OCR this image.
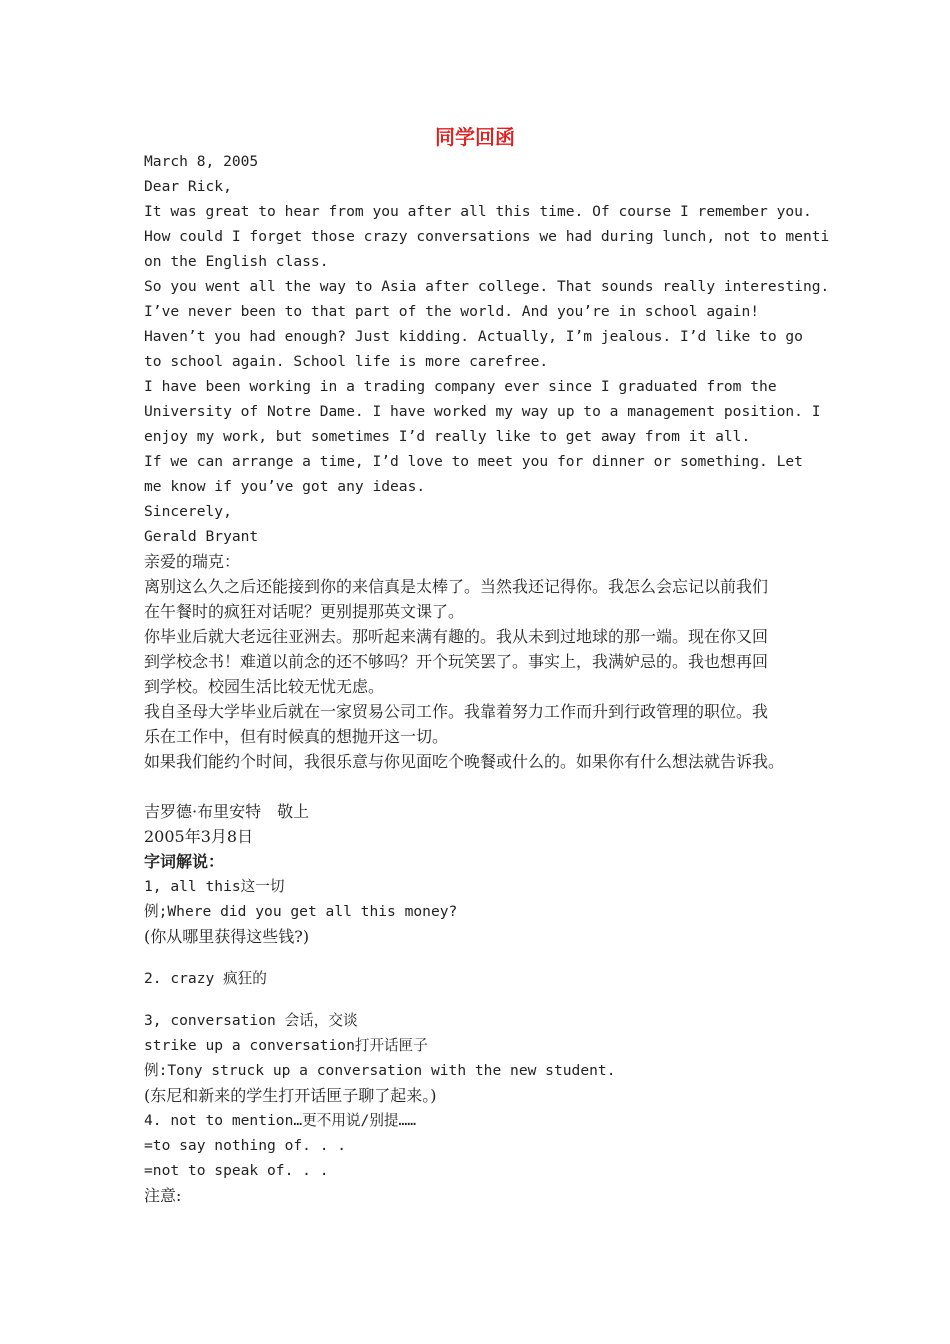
同学回函
March 8, 2005
Dear Rick,
It was great to hear from you after all this time. Of course I remember you.
How could I forget those crazy conversations we had during lunch, not to menti
on the English class.
So you went all the way to Asia after college. That sounds really interesting.
I’ve never been to that part of the world. And you’re in school again!
Haven’t you had enough? Just kidding. Actually, I’m jealous. I’d like to go
to school again. School life is more carefree.
I have been working in a trading company ever since I graduated from the
University of Notre Dame. I have worked my way up to a management position. I
enjoy my work, but sometimes I’d really like to get away from it all.
If we can arrange a time, I’d love to meet you for dinner or something. Let
me know if you’ve got any ideas.
Sincerely,
Gerald Bryant
亲爱的瑞克：
离别这么久之后还能接到你的来信真是太棒了。当然我还记得你。我怎么会忘记以前我们
在午餐时的疯狂对话呢？更别提那英文课了。
你毕业后就大老远往亚洲去。那听起来满有趣的。我从未到过地球的那一端。现在你又回
到学校念书！难道以前念的还不够吗？开个玩笑罢了。事实上，我满妒忌的。我也想再回
到学校。校园生活比较无忧无虑。
我自圣母大学毕业后就在一家贸易公司工作。我靠着努力工作而升到行政管理的职位。我
乐在工作中，但有时候真的想抛开这一切。
如果我们能约个时间，我很乐意与你见面吃个晚餐或什么的。如果你有什么想法就告诉我。
吉罗德·布里安特　敬上
2005年3月8日
字词解说：
1, all this这一切
例;Where did you get all this money?
(你从哪里获得这些钱?)
2. crazy 疯狂的
3, conversation 会话，交谈
strike up a conversation打开话匣子
例:Tony struck up a conversation with the new student.
(东尼和新来的学生打开话匣子聊了起来。)
4. not to mention…更不用说/别提……
=to say nothing of. . .
=not to speak of. . .
注意:
